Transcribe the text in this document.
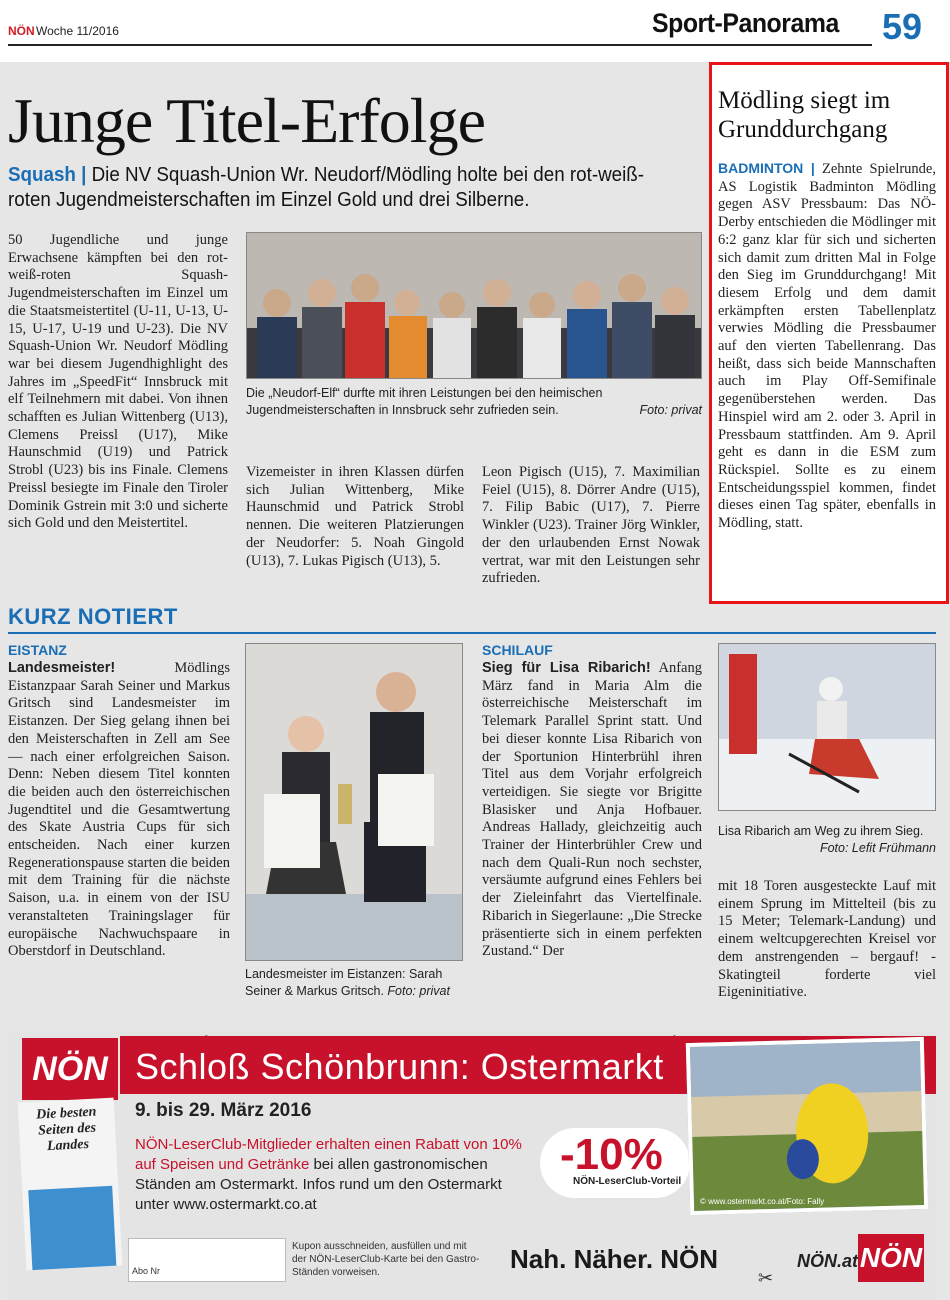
NÖN Woche 11/2016	Sport-Panorama 59
Junge Titel-Erfolge
Squash | Die NV Squash-Union Wr. Neudorf/Mödling holte bei den rot-weiß-roten Jugendmeisterschaften im Einzel Gold und drei Silberne.
50 Jugendliche und junge Erwachsene kämpften bei den rot-weiß-roten Squash-Jugendmeisterschaften im Einzel um die Staatsmeistertitel (U-11, U-13, U-15, U-17, U-19 und U-23). Die NV Squash-Union Wr. Neudorf Mödling war bei diesem Jugendhighlight des Jahres im „SpeedFit“ Innsbruck mit elf Teilnehmern mit dabei. Von ihnen schafften es Julian Wittenberg (U13), Clemens Preissl (U17), Mike Haunschmid (U19) und Patrick Strobl (U23) bis ins Finale. Clemens Preissl besiegte im Finale den Tiroler Dominik Gstrein mit 3:0 und sicherte sich Gold und den Meistertitel.
Die „Neudorf-Elf“ durfte mit ihren Leistungen bei den heimischen Jugendmeisterschaften in Innsbruck sehr zufrieden sein.	Foto: privat
Vizemeister in ihren Klassen dürfen sich Julian Wittenberg, Mike Haunschmid und Patrick Strobl nennen. Die weiteren Platzierungen der Neudorfer: 5. Noah Gingold (U13), 7. Lukas Pigisch (U13), 5.
Leon Pigisch (U15), 7. Maximilian Feiel (U15), 8. Dörrer Andre (U15), 7. Filip Babic (U17), 7. Pierre Winkler (U23). Trainer Jörg Winkler, der den urlaubenden Ernst Nowak vertrat, war mit den Leistungen sehr zufrieden.
Mödling siegt im Grunddurchgang
BADMINTON | Zehnte Spielrunde, AS Logistik Badminton Mödling gegen ASV Pressbaum: Das NÖ-Derby entschieden die Mödlinger mit 6:2 ganz klar für sich und sicherten sich damit zum dritten Mal in Folge den Sieg im Grunddurchgang! Mit diesem Erfolg und dem damit erkämpften ersten Tabellenplatz verwies Mödling die Pressbaumer auf den vierten Tabellenrang. Das heißt, dass sich beide Mannschaften auch im Play Off-Semifinale gegenüberstehen werden. Das Hinspiel wird am 2. oder 3. April in Pressbaum stattfinden. Am 9. April geht es dann in die ESM zum Rückspiel. Sollte es zu einem Entscheidungsspiel kommen, findet dieses einen Tag später, ebenfalls in Mödling, statt.
KURZ NOTIERT
EISTANZ
Landesmeister! Mödlings Eistanzpaar Sarah Seiner und Markus Gritsch sind Landesmeister im Eistanzen. Der Sieg gelang ihnen bei den Meisterschaften in Zell am See — nach einer erfolgreichen Saison. Denn: Neben diesem Titel konnten die beiden auch den österreichischen Jugendtitel und die Gesamtwertung des Skate Austria Cups für sich entscheiden. Nach einer kurzen Regenerationspause starten die beiden mit dem Training für die nächste Saison, u.a. in einem von der ISU veranstalteten Trainingslager für europäische Nachwuchspaare in Oberstdorf in Deutschland.
Landesmeister im Eistanzen: Sarah Seiner & Markus Gritsch. Foto: privat
SCHILAUF
Sieg für Lisa Ribarich! Anfang März fand in Maria Alm die österreichische Meisterschaft im Telemark Parallel Sprint statt. Und bei dieser konnte Lisa Ribarich von der Sportunion Hinterbrühl ihren Titel aus dem Vorjahr erfolgreich verteidigen. Sie siegte vor Brigitte Blasisker und Anja Hofbauer. Andreas Hallady, gleichzeitig auch Trainer der Hinterbrühler Crew und nach dem Quali-Run noch sechster, versäumte aufgrund eines Fehlers bei der Zieleinfahrt das Viertelfinale. Ribarich in Siegerlaune: „Die Strecke präsentierte sich in einem perfekten Zustand.“ Der
Lisa Ribarich am Weg zu ihrem Sieg.
Foto: Lefit Frühmann
mit 18 Toren ausgesteckte Lauf mit einem Sprung im Mittelteil (bis zu 15 Meter; Telemark-Landung) und einem weltcupgerechten Kreisel vor dem anstrengenden – bergauf! - Skatingteil forderte viel Eigeninitiative.
NÖN
Die besten
Seiten des
Landes
Schloß Schönbrunn: Ostermarkt
9. bis 29. März 2016
NÖN-LeserClub-Mitglieder erhalten einen Rabatt von 10% auf Speisen und Getränke bei allen gastronomischen Ständen am Ostermarkt. Infos rund um den Ostermarkt unter www.ostermarkt.co.at
-10%
NÖN-LeserClub-Vorteil
© www.ostermarkt.co.at/Foto: Fally
Abo Nr
Kupon ausschneiden, ausfüllen und mit der NÖN-LeserClub-Karte bei den Gastro-Ständen vorweisen.	Nah. Näher. NÖN
✂
NÖN.at NÖN
